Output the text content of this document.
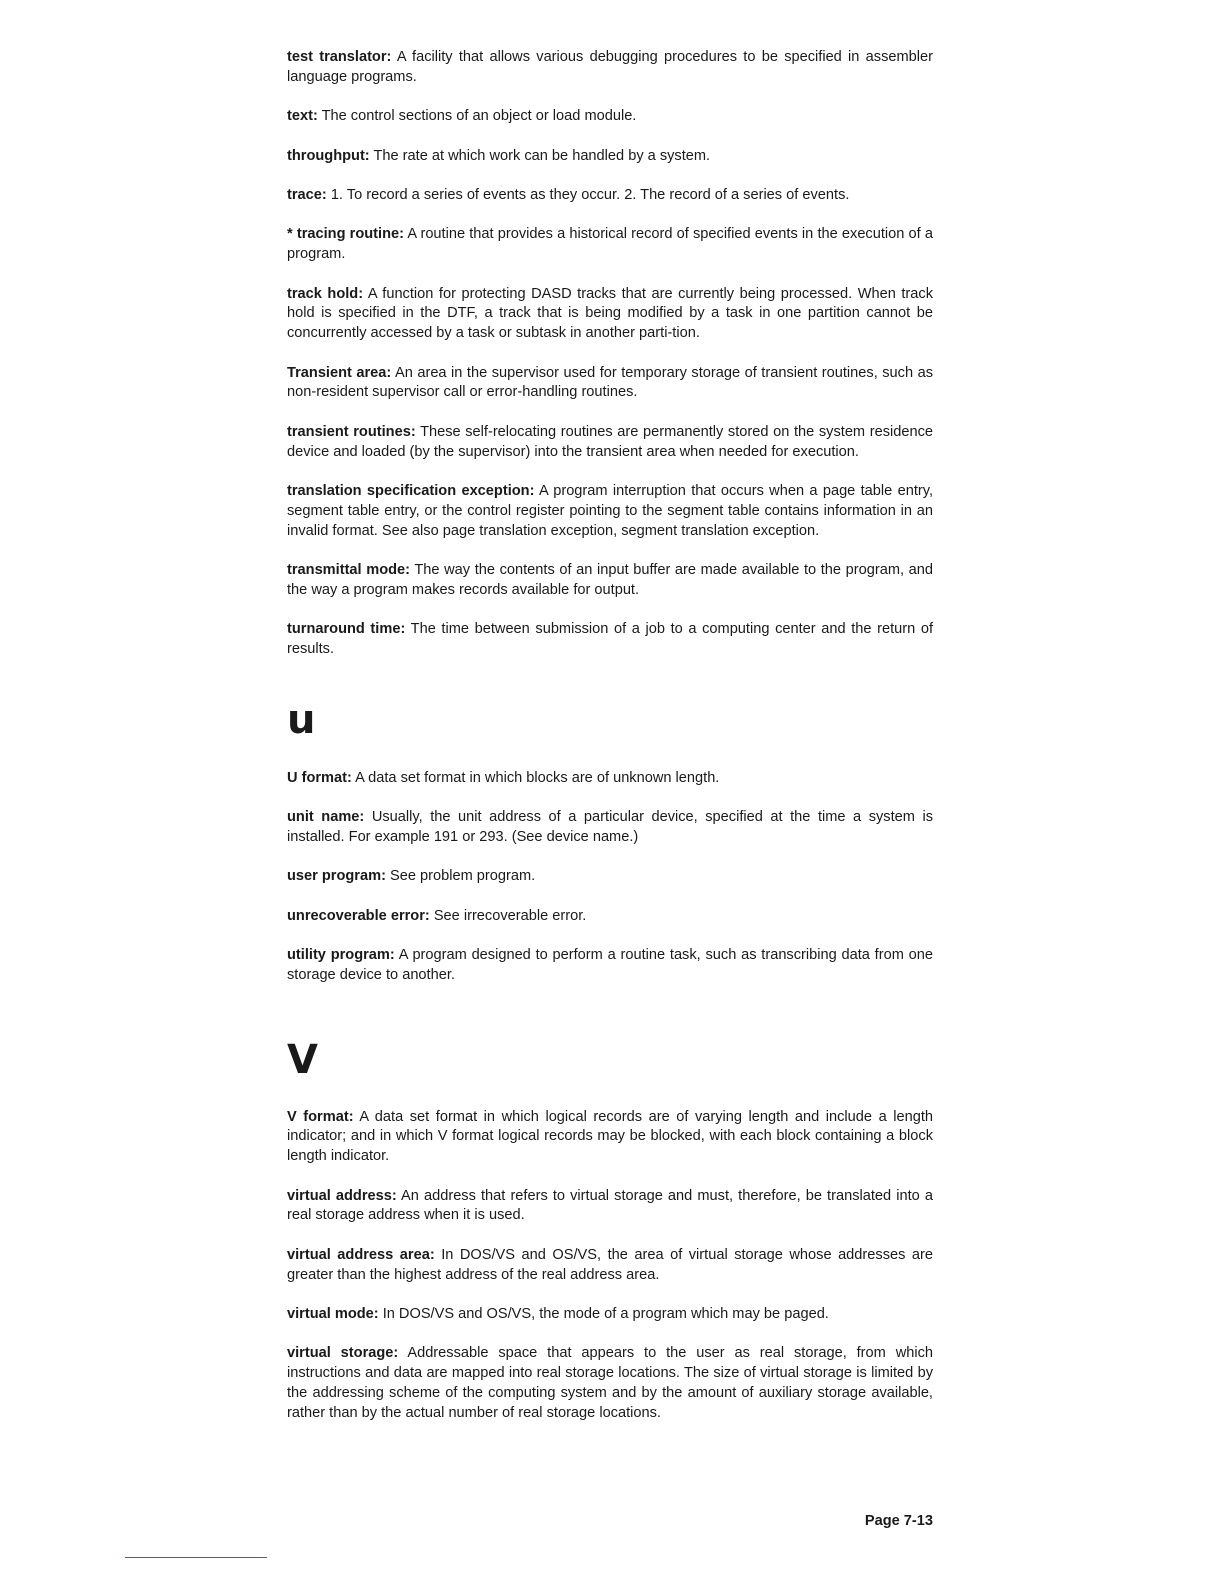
test translator: A facility that allows various debugging procedures to be specified in assembler language programs.

text: The control sections of an object or load module.

throughput: The rate at which work can be handled by a system.

trace: 1. To record a series of events as they occur. 2. The record of a series of events.

* tracing routine: A routine that provides a historical record of specified events in the execution of a program.

track hold: A function for protecting DASD tracks that are currently being processed. When track hold is specified in the DTF, a track that is being modified by a task in one partition cannot be concurrently accessed by a task or subtask in another parti-tion.

Transient area: An area in the supervisor used for temporary storage of transient routines, such as non-resident supervisor call or error-handling routines.

transient routines: These self-relocating routines are permanently stored on the system residence device and loaded (by the supervisor) into the transient area when needed for execution.

translation specification exception: A program interruption that occurs when a page table entry, segment table entry, or the control register pointing to the segment table contains information in an invalid format. See also page translation exception, segment translation exception.

transmittal mode: The way the contents of an input buffer are made available to the program, and the way a program makes records available for output.

turnaround time: The time between submission of a job to a computing center and the return of results.

u

U format: A data set format in which blocks are of unknown length.

unit name: Usually, the unit address of a particular device, specified at the time a system is installed. For example 191 or 293. (See device name.)

user program: See problem program.

unrecoverable error: See irrecoverable error.

utility program: A program designed to perform a routine task, such as transcribing data from one storage device to another.

V

V format: A data set format in which logical records are of varying length and include a length indicator; and in which V format logical records may be blocked, with each block containing a block length indicator.

virtual address: An address that refers to virtual storage and must, therefore, be translated into a real storage address when it is used.

virtual address area: In DOS/VS and OS/VS, the area of virtual storage whose addresses are greater than the highest address of the real address area.

virtual mode: In DOS/VS and OS/VS, the mode of a program which may be paged.

virtual storage: Addressable space that appears to the user as real storage, from which instructions and data are mapped into real storage locations. The size of virtual storage is limited by the addressing scheme of the computing system and by the amount of auxiliary storage available, rather than by the actual number of real storage locations.

Page 7-13
